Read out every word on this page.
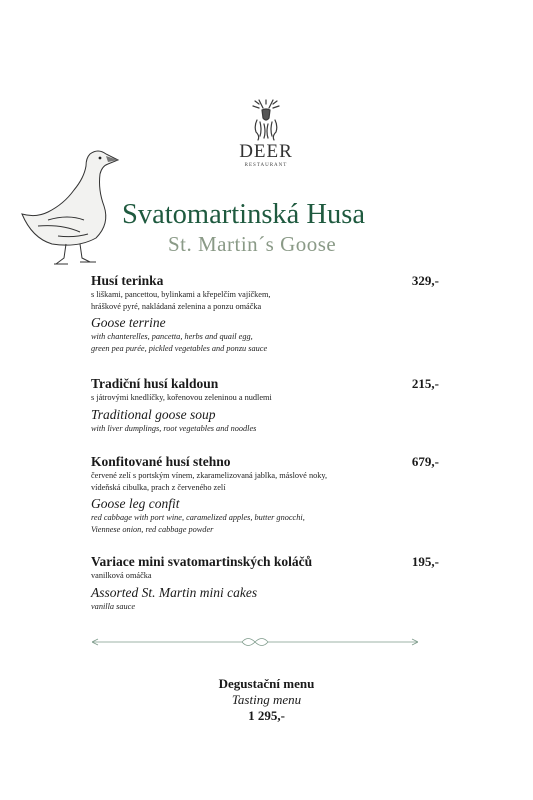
DEER
RESTAURANT
Svatomartinská Husa
St. Martin´s Goose
Husí terinka	329,-
s liškami, pancettou, bylinkami a křepelčím vajíčkem,
hráškové pyré, nakládaná zelenina a ponzu omáčka
Goose terrine
with chanterelles, pancetta, herbs and quail egg,
green pea purée, pickled vegetables and ponzu sauce
Tradiční husí kaldoun	215,-
s játrovými knedlíčky, kořenovou zeleninou a nudlemi
Traditional goose soup
with liver dumplings, root vegetables and noodles
Konfitované husí stehno	679,-
červené zelí s portským vínem, zkaramelizovaná jablka, máslové noky,
vídeňská cibulka, prach z červeného zelí
Goose leg confit
red cabbage with port wine, caramelized apples, butter gnocchi,
Viennese onion, red cabbage powder
Variace mini svatomartinských koláčů	195,-
vanilková omáčka
Assorted St. Martin mini cakes
vanilla sauce
Degustační menu
Tasting menu
1 295,-
